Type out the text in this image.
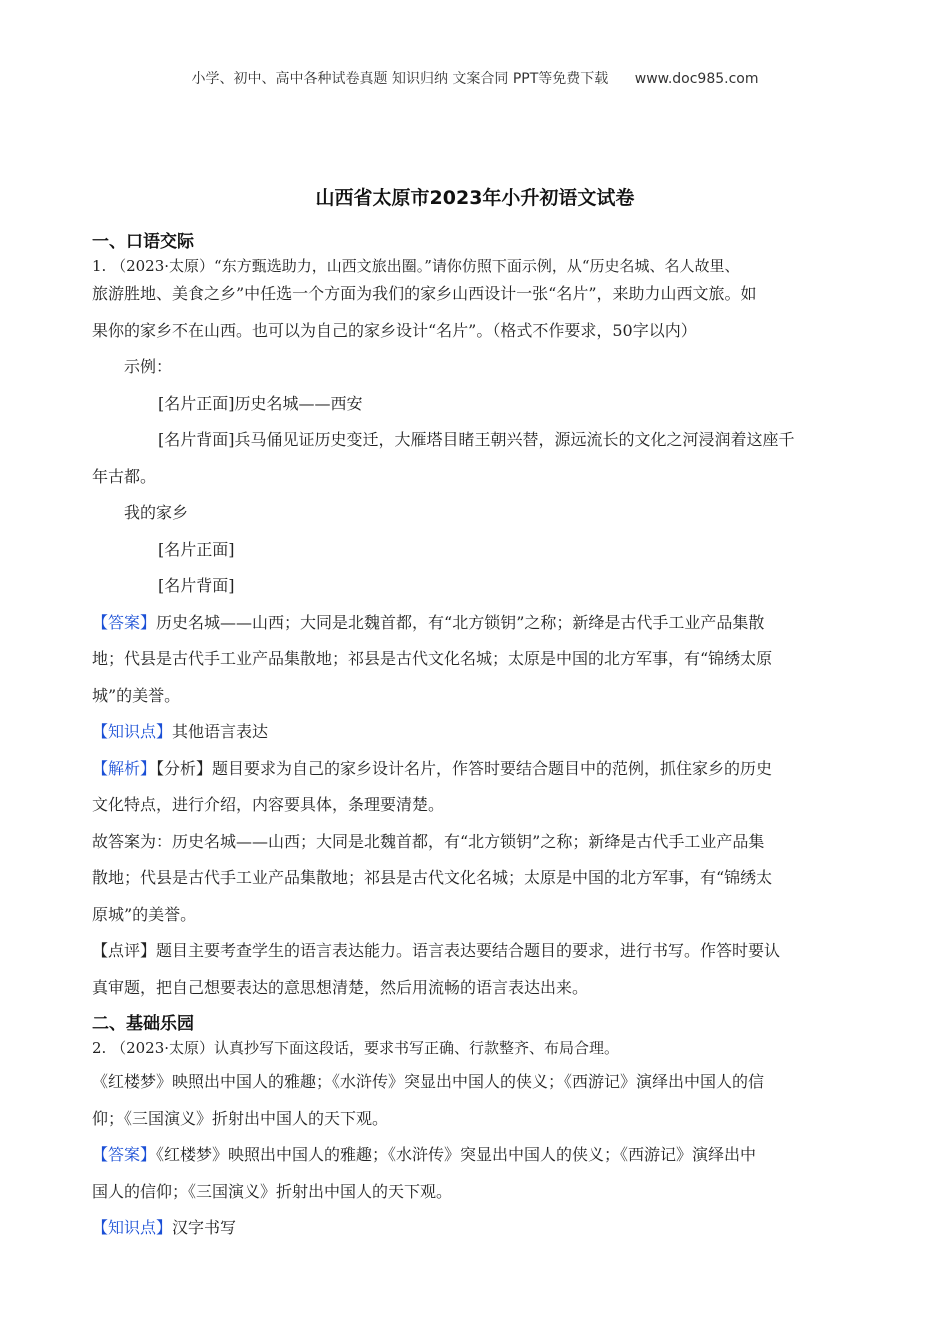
小学、初中、高中各种试卷真题 知识归纳 文案合同 PPT等免费下载 www.doc985.com
山西省太原市2023年小升初语文试卷
一、口语交际

1. （2023·太原）“东方甄选助力，山西文旅出圈。”请你仿照下面示例，从“历史名城、名人故里、

旅游胜地、美食之乡”中任选一个方面为我们的家乡山西设计一张“名片”，来助力山西文旅。如

果你的家乡不在山西。也可以为自己的家乡设计“名片”。（格式不作要求，50字以内）

示例：

[名片正面]历史名城——西安

[名片背面]兵马俑见证历史变迁，大雁塔目睹王朝兴替，源远流长的文化之河浸润着这座千

年古都。

我的家乡

[名片正面]

[名片背面]

【答案】历史名城——山西；大同是北魏首都，有“北方锁钥”之称；新绛是古代手工业产品集散

地；代县是古代手工业产品集散地；祁县是古代文化名城；太原是中国的北方军事，有“锦绣太原

城”的美誉。

【知识点】其他语言表达

【解析】【分析】题目要求为自己的家乡设计名片，作答时要结合题目中的范例，抓住家乡的历史

文化特点，进行介绍，内容要具体，条理要清楚。

故答案为：历史名城——山西；大同是北魏首都，有“北方锁钥”之称；新绛是古代手工业产品集

散地；代县是古代手工业产品集散地；祁县是古代文化名城；太原是中国的北方军事，有“锦绣太

原城”的美誉。

【点评】题目主要考查学生的语言表达能力。语言表达要结合题目的要求，进行书写。作答时要认

真审题，把自己想要表达的意思想清楚，然后用流畅的语言表达出来。

二、基础乐园

2. （2023·太原）认真抄写下面这段话，要求书写正确、行款整齐、布局合理。

《红楼梦》映照出中国人的雅趣；《水浒传》突显出中国人的侠义；《西游记》演绎出中国人的信

仰；《三国演义》折射出中国人的天下观。

【答案】《红楼梦》映照出中国人的雅趣；《水浒传》突显出中国人的侠义；《西游记》演绎出中

国人的信仰；《三国演义》折射出中国人的天下观。

【知识点】汉字书写
